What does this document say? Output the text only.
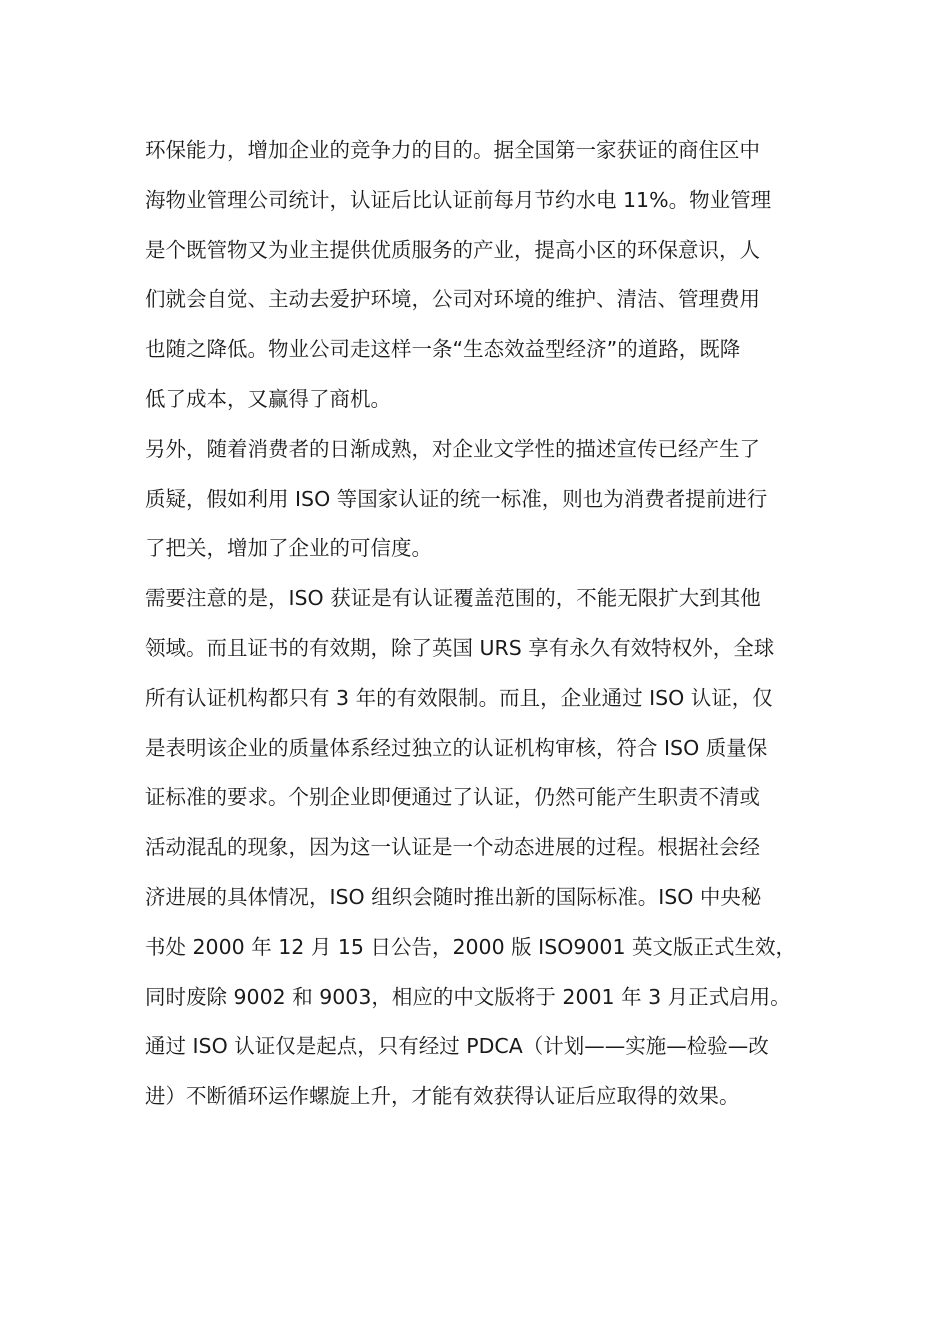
环保能力，增加企业的竞争力的目的。据全国第一家获证的商住区中
海物业管理公司统计，认证后比认证前每月节约水电 11%。物业管理
是个既管物又为业主提供优质服务的产业，提高小区的环保意识，人
们就会自觉、主动去爱护环境，公司对环境的维护、清洁、管理费用
也随之降低。物业公司走这样一条“生态效益型经济”的道路，既降
低了成本，又赢得了商机。
另外，随着消费者的日渐成熟，对企业文学性的描述宣传已经产生了
质疑，假如利用 ISO 等国家认证的统一标准，则也为消费者提前进行
了把关，增加了企业的可信度。
需要注意的是，ISO 获证是有认证覆盖范围的，不能无限扩大到其他
领域。而且证书的有效期，除了英国 URS 享有永久有效特权外，全球
所有认证机构都只有 3 年的有效限制。而且，企业通过 ISO 认证，仅
是表明该企业的质量体系经过独立的认证机构审核，符合 ISO 质量保
证标准的要求。个别企业即便通过了认证，仍然可能产生职责不清或
活动混乱的现象，因为这一认证是一个动态进展的过程。根据社会经
济进展的具体情况，ISO 组织会随时推出新的国际标准。ISO 中央秘
书处 2000 年 12 月 15 日公告，2000 版 ISO9001 英文版正式生效，
同时废除 9002 和 9003，相应的中文版将于 2001 年 3 月正式启用。
通过 ISO 认证仅是起点，只有经过 PDCA（计划——实施—检验—改
进）不断循环运作螺旋上升，才能有效获得认证后应取得的效果。
